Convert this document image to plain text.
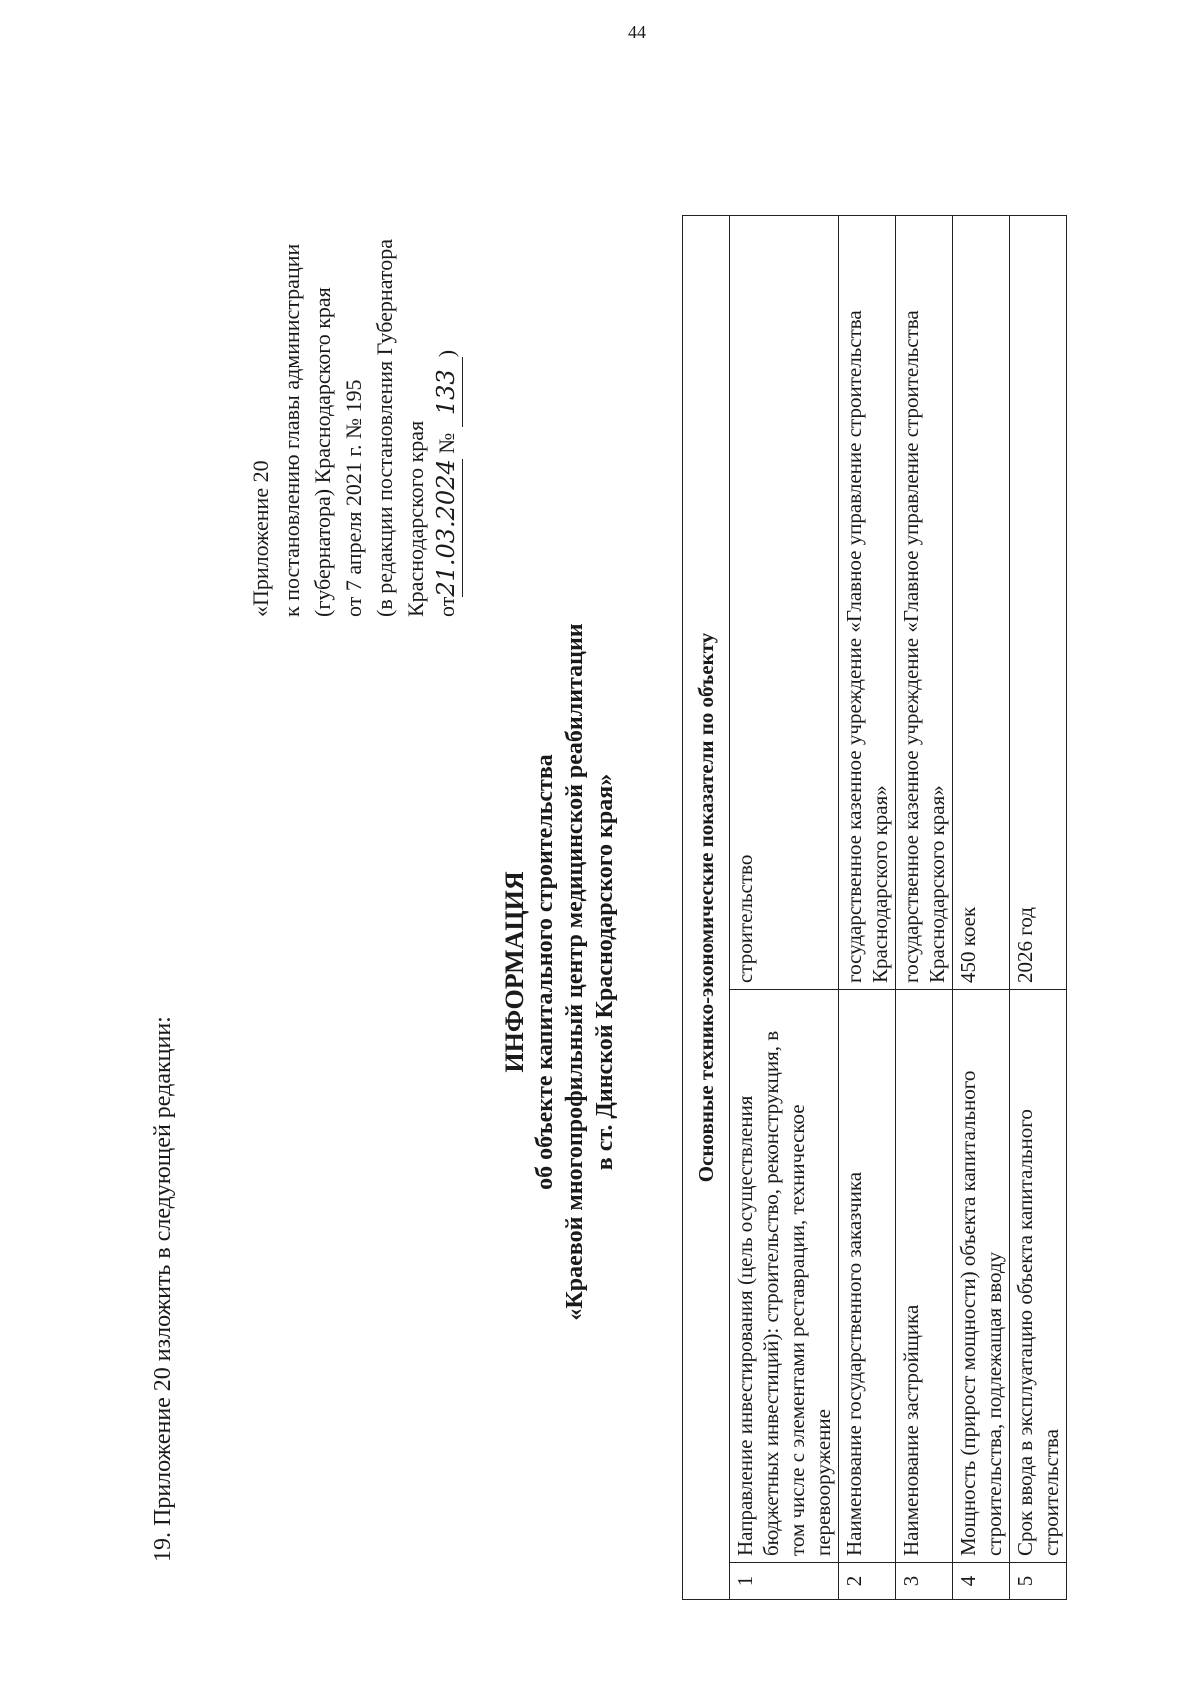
44
19. Приложение 20 изложить в следующей редакции:
«Приложение 20 к постановлению главы администрации (губернатора) Краснодарского края от 7 апреля 2021 г. № 195 (в редакции постановления Губернатора Краснодарского края от21.03.2024 № 133)
ИНФОРМАЦИЯ об объекте капитального строительства «Краевой многопрофильный центр медицинской реабилитации в ст. Динской Краснодарского края»	Основные технико-экономические показатели по объекту		
1	Направление инвестирования (цель осуществления бюджетных инвестиций): строительство, реконструкция, в том числе с элементами реставрации, техническое перевооружение	строительство
2	Наименование государственного заказчика	государственное казенное учреждение «Главное управление строительства Краснодарского края»
3	Наименование застройщика	государственное казенное учреждение «Главное управление строительства Краснодарского края»
4	Мощность (прирост мощности) объекта капитального строительства, подлежащая вводу	450 коек
5	Срок ввода в эксплуатацию объекта капитального строительства	2026 год
